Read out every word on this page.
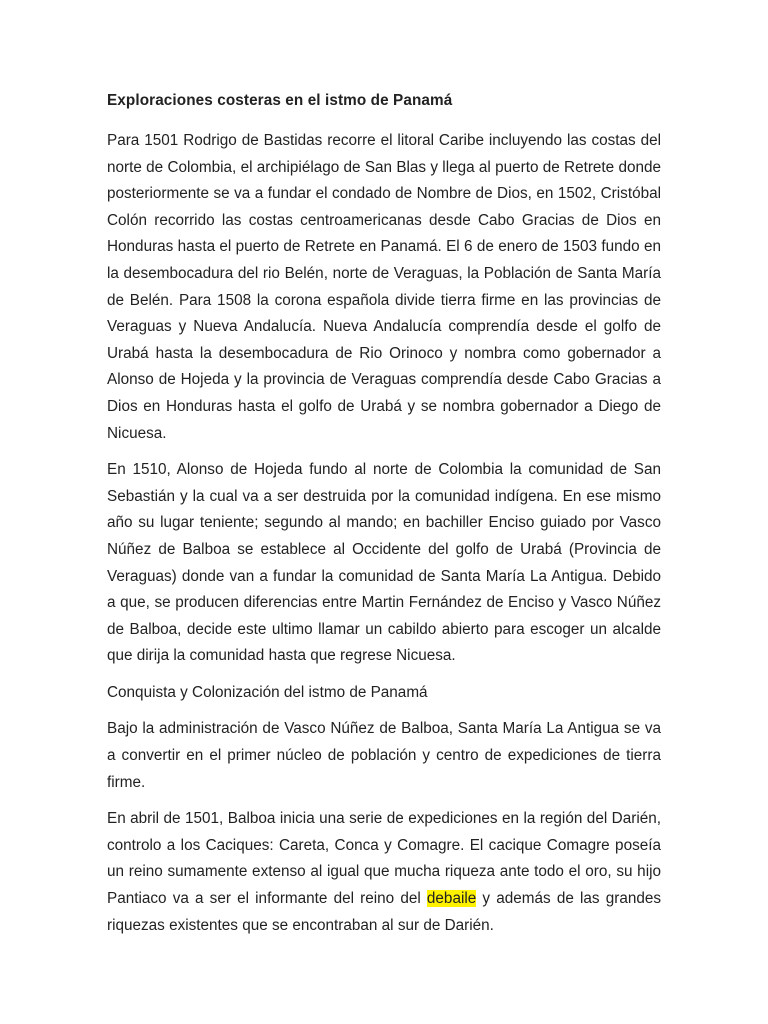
Exploraciones costeras en el istmo de Panamá

Para 1501 Rodrigo de Bastidas recorre el litoral Caribe incluyendo las costas del norte de Colombia, el archipiélago de San Blas y llega al puerto de Retrete donde posteriormente se va a fundar el condado de Nombre de Dios, en 1502, Cristóbal Colón recorrido las costas centroamericanas desde Cabo Gracias de Dios en Honduras hasta el puerto de Retrete en Panamá. El 6 de enero de 1503 fundo en la desembocadura del rio Belén, norte de Veraguas, la Población de Santa María de Belén. Para 1508 la corona española divide tierra firme en las provincias de Veraguas y Nueva Andalucía. Nueva Andalucía comprendía desde el golfo de Urabá hasta la desembocadura de Rio Orinoco y nombra como gobernador a Alonso de Hojeda y la provincia de Veraguas comprendía desde Cabo Gracias a Dios en Honduras hasta el golfo de Urabá y se nombra gobernador a Diego de Nicuesa.

En 1510, Alonso de Hojeda fundo al norte de Colombia la comunidad de San Sebastián y la cual va a ser destruida por la comunidad indígena. En ese mismo año su lugar teniente; segundo al mando; en bachiller Enciso guiado por Vasco Núñez de Balboa se establece al Occidente del golfo de Urabá (Provincia de Veraguas) donde van a fundar la comunidad de Santa María La Antigua. Debido a que, se producen diferencias entre Martin Fernández de Enciso y Vasco Núñez de Balboa, decide este ultimo llamar un cabildo abierto para escoger un alcalde que dirija la comunidad hasta que regrese Nicuesa.

Conquista y Colonización del istmo de Panamá

Bajo la administración de Vasco Núñez de Balboa, Santa María La Antigua se va a convertir en el primer núcleo de población y centro de expediciones de tierra firme.

En abril de 1501, Balboa inicia una serie de expediciones en la región del Darién, controlo a los Caciques: Careta, Conca y Comagre. El cacique Comagre poseía un reino sumamente extenso al igual que mucha riqueza ante todo el oro, su hijo Pantiaco va a ser el informante del reino del debaile y además de las grandes riquezas existentes que se encontraban al sur de Darién.
